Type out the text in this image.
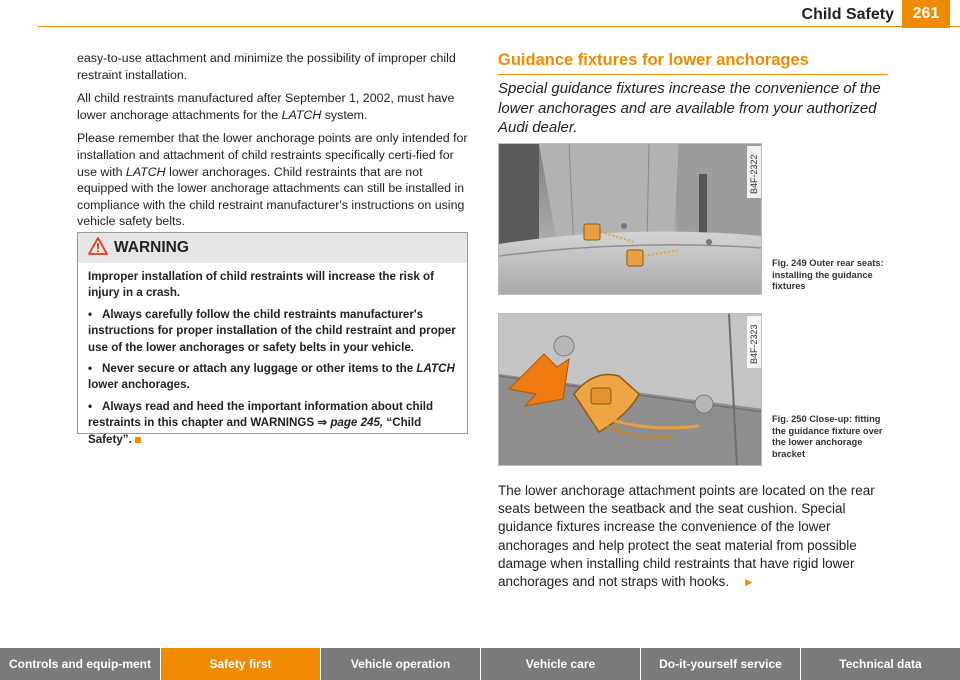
Child Safety	261

easy-to-use attachment and minimize the possibility of improper child restraint installation.

All child restraints manufactured after September 1, 2002, must have lower anchorage attachments for the LATCH system.

Please remember that the lower anchorage points are only intended for installation and attachment of child restraints specifically certi-fied for use with LATCH lower anchorages. Child restraints that are not equipped with the lower anchorage attachments can still be installed in compliance with the child restraint manufacturer's instructions on using vehicle safety belts.

WARNING

Improper installation of child restraints will increase the risk of injury in a crash.

• Always carefully follow the child restraints manufacturer's instructions for proper installation of the child restraint and proper use of the lower anchorages or safety belts in your vehicle.

• Never secure or attach any luggage or other items to the LATCH lower anchorages.

• Always read and heed the important information about child restraints in this chapter and WARNINGS ⇒ page 245, “Child Safety”.

Guidance fixtures for lower anchorages
Special guidance fixtures increase the convenience of the lower anchorages and are available from your authorized Audi dealer.
B4F-2322
Fig. 249 Outer rear seats: installing the guidance fixtures
B4F-2323
Fig. 250 Close-up: fitting the guidance fixture over the lower anchorage bracket
The lower anchorage attachment points are located on the rear seats between the seatback and the seat cushion. Special guidance fixtures increase the convenience of the lower anchorages and help protect the seat material from possible damage when installing child restraints that have rigid lower anchorages and not straps with hooks. ►
Controls and equip-ment	Safety first	Vehicle operation	Vehicle care	Do-it-yourself service	Technical data
